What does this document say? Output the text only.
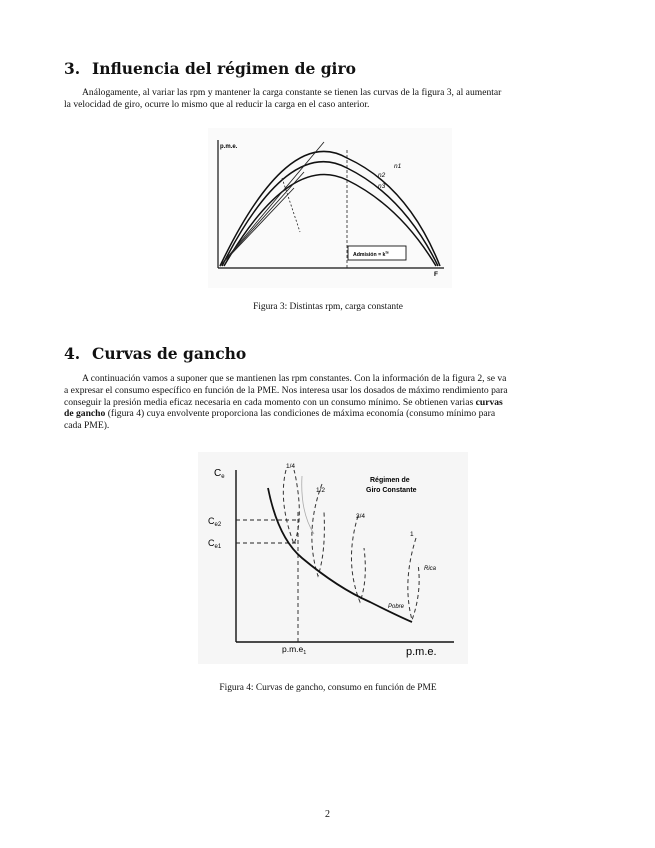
3. Influencia del régimen de giro
Análogamente, al variar las rpm y mantener la carga constante se tienen las curvas de la figura 3, al aumentar
la velocidad de giro, ocurre lo mismo que al reducir la carga en el caso anterior.
p.m.e.
F
n1
n2
n3
Admisión = $k^{te}$
Figura 3: Distintas rpm, carga constante
4. Curvas de gancho
A continuación vamos a suponer que se mantienen las rpm constantes. Con la información de la figura 2, se va
a expresar el consumo específico en función de la PME. Nos interesa usar los dosados de máximo rendimiento para
conseguir la presión media eficaz necesaria en cada momento con un consumo mínimo. Se obtienen varias curvas
de gancho (figura 4) cuya envolvente proporciona las condiciones de máxima economía (consumo mínimo para
cada PME).
$C_e$
$C_{e2}$
$C_{e1}$
1/4
1/2
3/4
1
Régimen de
Giro Constante
Rica
Pobre
$p.m.e_1$	p.m.e.
Figura 4: Curvas de gancho, consumo en función de PME
2
